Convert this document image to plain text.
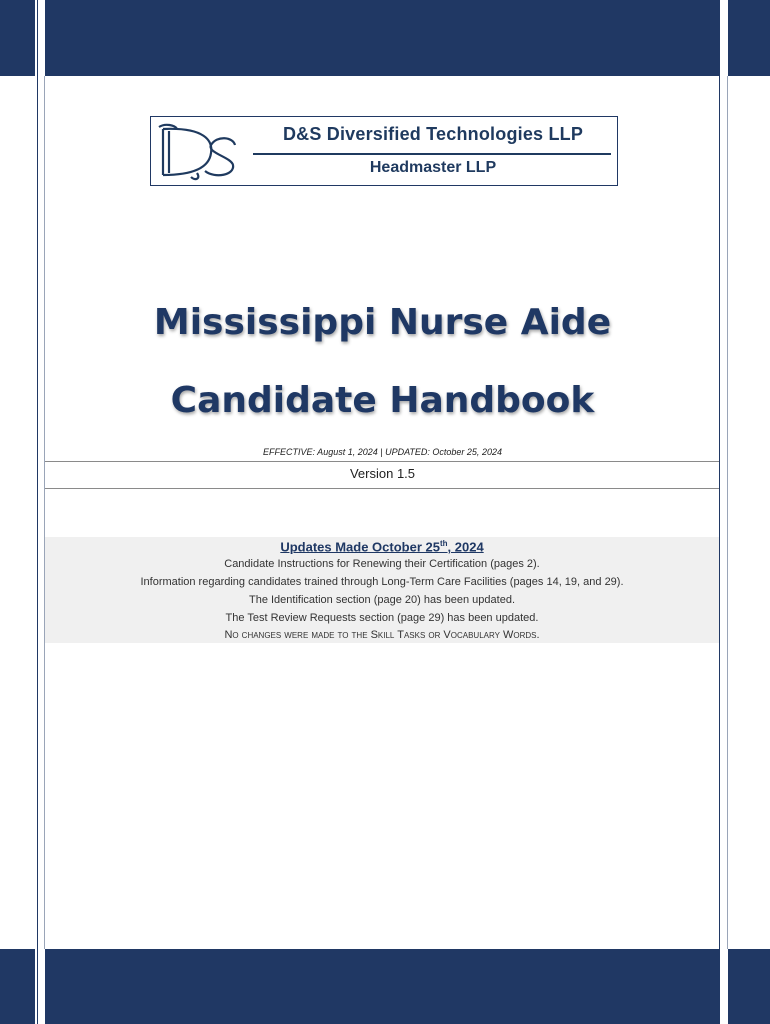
D&S Diversified Technologies LLP
Headmaster LLP
Mississippi Nurse Aide
Candidate Handbook
EFFECTIVE: August 1, 2024 | UPDATED: October 25, 2024
Version 1.5
Updates Made October 25th, 2024
Candidate Instructions for Renewing their Certification (pages 2).
Information regarding candidates trained through Long-Term Care Facilities (pages 14, 19, and 29).
The Identification section (page 20) has been updated.
The Test Review Requests section (page 29) has been updated.
No changes were made to the Skill Tasks or Vocabulary Words.
